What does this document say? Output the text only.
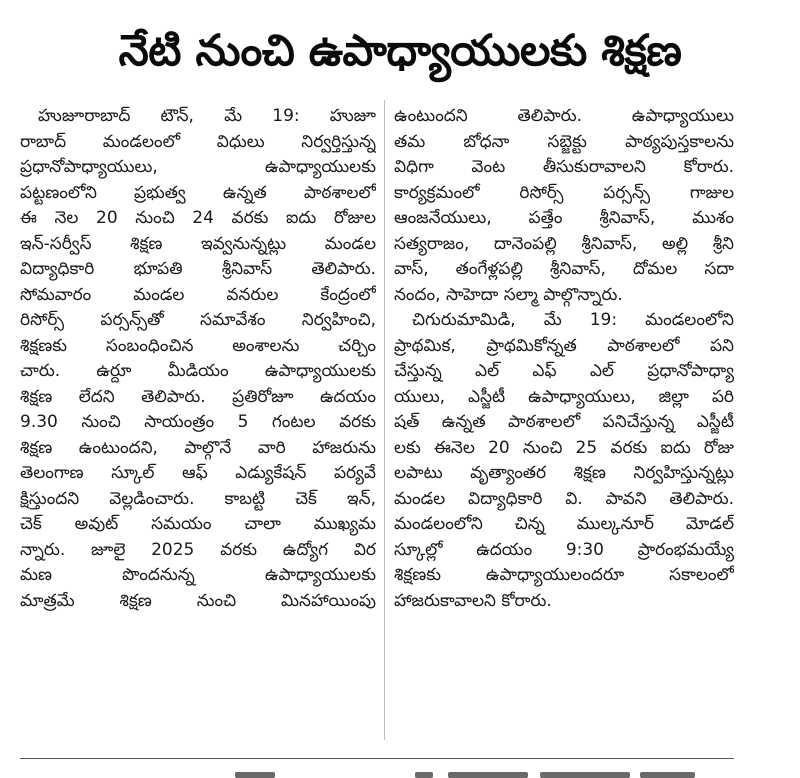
నేటి నుంచి ఉపాధ్యాయులకు శిక్షణ
హుజూరాబాద్ టౌన్, మే 19: హుజూ
రాబాద్ మండలంలో విధులు నిర్వర్తిస్తున్న
ప్రధానోపాధ్యాయులు, ఉపాధ్యాయులకు
పట్టణంలోని ప్రభుత్వ ఉన్నత పాఠశాలలో
ఈ నెల 20 నుంచి 24 వరకు ఐదు రోజుల
ఇన్-సర్వీస్ శిక్షణ ఇవ్వనున్నట్లు మండల
విద్యాధికారి భూపతి శ్రీనివాస్ తెలిపారు.
సోమవారం మండల వనరుల కేంద్రంలో
రిసోర్స్ పర్సన్స్‌తో సమావేశం నిర్వహించి,
శిక్షణకు సంబంధించిన అంశాలను చర్చిం
చారు. ఉర్దూ మీడియం ఉపాధ్యాయులకు
శిక్షణ లేదని తెలిపారు. ప్రతిరోజూ ఉదయం
9.30 నుంచి సాయంత్రం 5 గంటల వరకు
శిక్షణ ఉంటుందని, పాల్గొనే వారి హాజరును
తెలంగాణ స్కూల్ ఆఫ్ ఎడ్యుకేషన్ పర్యవే
క్షిస్తుందని వెల్లడించారు. కాబట్టి చెక్ ఇన్,
చెక్ అవుట్ సమయం చాలా ముఖ్యమ
న్నారు. జూలై 2025 వరకు ఉద్యోగ విర
మణ పొందనున్న ఉపాధ్యాయులకు
మాత్రమే శిక్షణ నుంచి మినహాయింపు
ఉంటుందని తెలిపారు. ఉపాధ్యాయులు
తమ బోధనా సబ్జెక్టు పాఠ్యపుస్తకాలను
విధిగా వెంట తీసుకురావాలని కోరారు.
కార్యక్రమంలో రిసోర్స్ పర్సన్స్ గాజుల
ఆంజనేయులు, పత్తేం శ్రీనివాస్, ముశం
సత్యరాజం, దానెంపల్లి శ్రీనివాస్, అల్లి శ్రీని
వాస్, తంగేళ్లపల్లి శ్రీనివాస్, దోమల సదా
నందం, సాహెదా సల్మా పాల్గొన్నారు.
చిగురుమామిడి, మే 19: మండలంలోని
ప్రాథమిక, ప్రాథమికోన్నత పాఠశాలలో పని
చేస్తున్న ఎల్ ఎఫ్ ఎల్ ప్రధానోపాధ్యా
యులు, ఎస్జీటీ ఉపాధ్యాయులు, జిల్లా పరి
షత్ ఉన్నత పాఠశాలలో పనిచేస్తున్న ఎస్జీటీ
లకు ఈనెల 20 నుంచి 25 వరకు ఐదు రోజు
లపాటు వృత్యాంతర శిక్షణ నిర్వహిస్తున్నట్లు
మండల విద్యాధికారి వి. పావని తెలిపారు.
మండలంలోని చిన్న ముల్కనూర్ మోడల్
స్కూల్లో ఉదయం 9:30 ప్రారంభమయ్యే
శిక్షణకు ఉపాధ్యాయులందరూ సకాలంలో
హాజరుకావాలని కోరారు.
